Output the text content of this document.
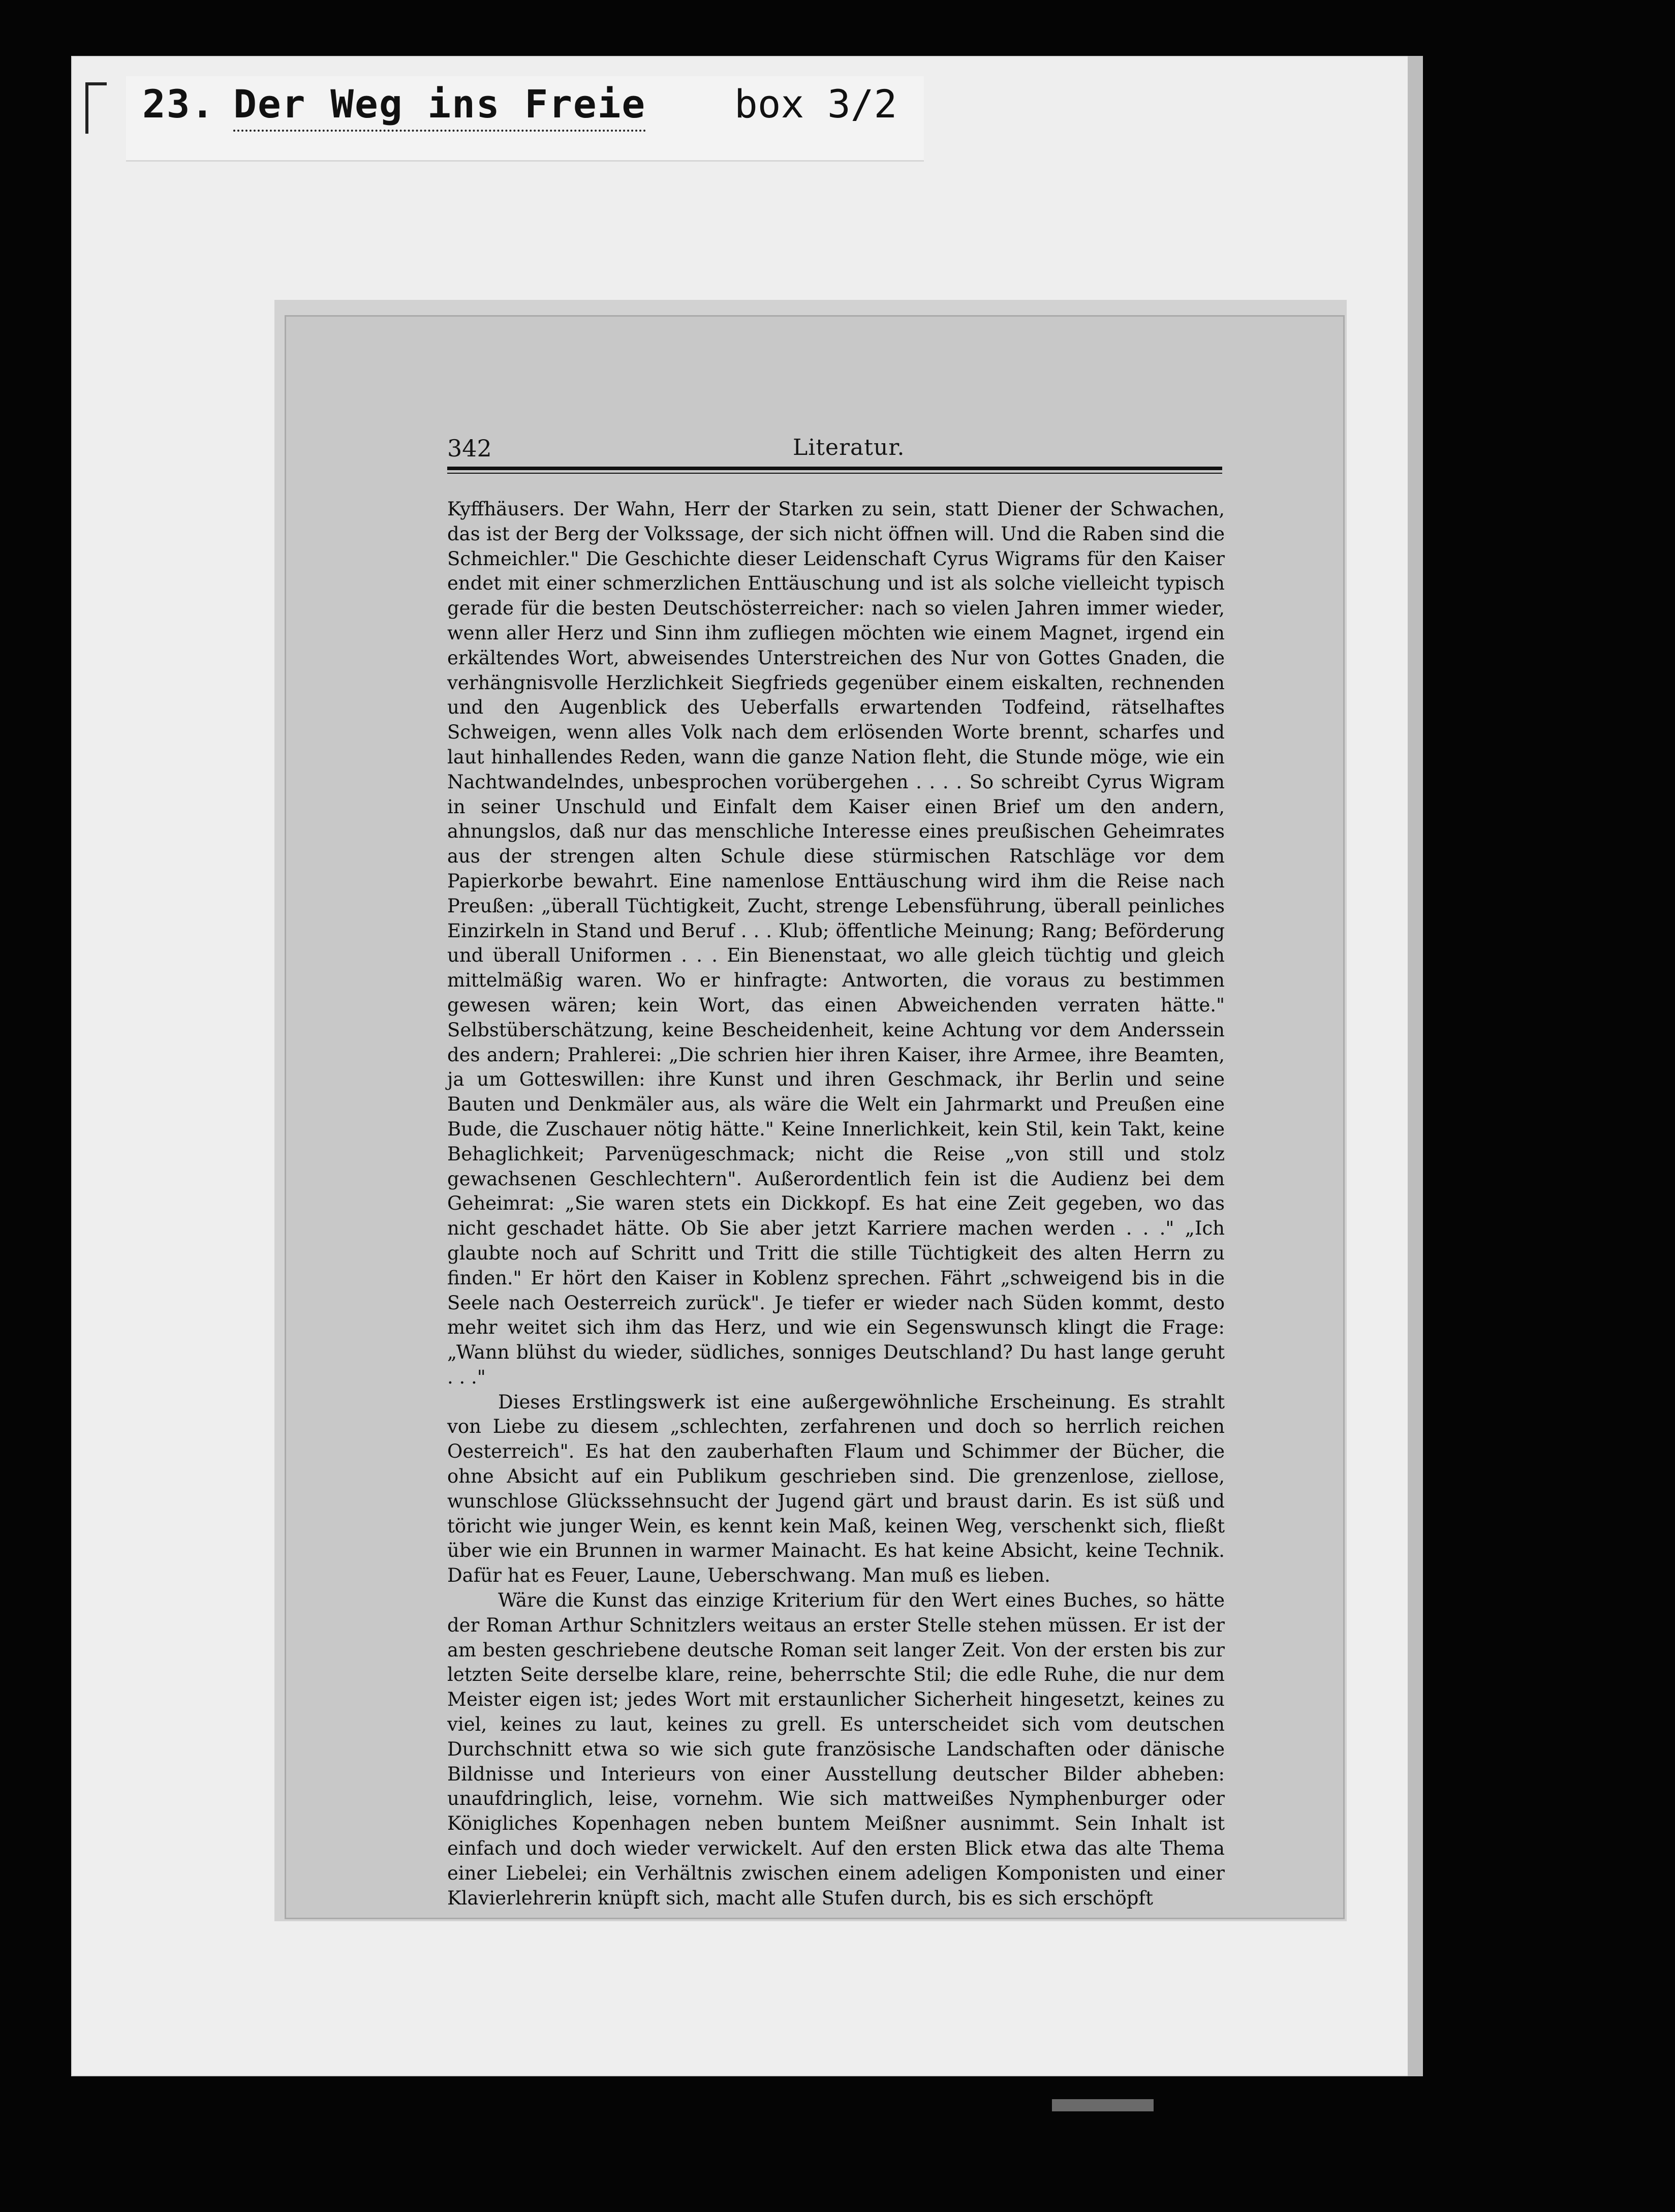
23. Der Weg ins Freie box 3/2
342	Literatur.

Kyffhäusers. Der Wahn, Herr der Starken zu sein, statt Diener der Schwachen, das ist der Berg der Volkssage, der sich nicht öffnen will. Und die Raben sind die Schmeichler." Die Geschichte dieser Leidenschaft Cyrus Wigrams für den Kaiser endet mit einer schmerzlichen Enttäuschung und ist als solche vielleicht typisch gerade für die besten Deutschösterreicher: nach so vielen Jahren immer wieder, wenn aller Herz und Sinn ihm zufliegen möchten wie einem Magnet, irgend ein erkältendes Wort, abweisendes Unterstreichen des Nur von Gottes Gnaden, die verhängnisvolle Herzlichkeit Siegfrieds gegenüber einem eiskalten, rechnenden und den Augenblick des Ueberfalls erwartenden Todfeind, rätselhaftes Schweigen, wenn alles Volk nach dem erlösenden Worte brennt, scharfes und laut hinhallendes Reden, wann die ganze Nation fleht, die Stunde möge, wie ein Nachtwandelndes, unbesprochen vorübergehen . . . . So schreibt Cyrus Wigram in seiner Unschuld und Einfalt dem Kaiser einen Brief um den andern, ahnungslos, daß nur das menschliche Interesse eines preußischen Geheimrates aus der strengen alten Schule diese stürmischen Ratschläge vor dem Papierkorbe bewahrt. Eine namenlose Enttäuschung wird ihm die Reise nach Preußen: „überall Tüchtigkeit, Zucht, strenge Lebensführung, überall peinliches Einzirkeln in Stand und Beruf . . . Klub; öffentliche Meinung; Rang; Beförderung und überall Uniformen . . . Ein Bienenstaat, wo alle gleich tüchtig und gleich mittelmäßig waren. Wo er hinfragte: Antworten, die voraus zu bestimmen gewesen wären; kein Wort, das einen Abweichenden verraten hätte." Selbstüberschätzung, keine Bescheidenheit, keine Achtung vor dem Anderssein des andern; Prahlerei: „Die schrien hier ihren Kaiser, ihre Armee, ihre Beamten, ja um Gotteswillen: ihre Kunst und ihren Geschmack, ihr Berlin und seine Bauten und Denkmäler aus, als wäre die Welt ein Jahrmarkt und Preußen eine Bude, die Zuschauer nötig hätte." Keine Innerlichkeit, kein Stil, kein Takt, keine Behaglichkeit; Parvenügeschmack; nicht die Reise „von still und stolz gewachsenen Geschlechtern". Außerordentlich fein ist die Audienz bei dem Geheimrat: „Sie waren stets ein Dickkopf. Es hat eine Zeit gegeben, wo das nicht geschadet hätte. Ob Sie aber jetzt Karriere machen werden . . ." „Ich glaubte noch auf Schritt und Tritt die stille Tüchtigkeit des alten Herrn zu finden." Er hört den Kaiser in Koblenz sprechen. Fährt „schweigend bis in die Seele nach Oesterreich zurück". Je tiefer er wieder nach Süden kommt, desto mehr weitet sich ihm das Herz, und wie ein Segenswunsch klingt die Frage: „Wann blühst du wieder, südliches, sonniges Deutschland? Du hast lange geruht . . ."

Dieses Erstlingswerk ist eine außergewöhnliche Erscheinung. Es strahlt von Liebe zu diesem „schlechten, zerfahrenen und doch so herrlich reichen Oesterreich". Es hat den zauberhaften Flaum und Schimmer der Bücher, die ohne Absicht auf ein Publikum geschrieben sind. Die grenzenlose, ziellose, wunschlose Glückssehnsucht der Jugend gärt und braust darin. Es ist süß und töricht wie junger Wein, es kennt kein Maß, keinen Weg, verschenkt sich, fließt über wie ein Brunnen in warmer Mainacht. Es hat keine Absicht, keine Technik. Dafür hat es Feuer, Laune, Ueberschwang. Man muß es lieben.

Wäre die Kunst das einzige Kriterium für den Wert eines Buches, so hätte der Roman Arthur Schnitzlers weitaus an erster Stelle stehen müssen. Er ist der am besten geschriebene deutsche Roman seit langer Zeit. Von der ersten bis zur letzten Seite derselbe klare, reine, beherrschte Stil; die edle Ruhe, die nur dem Meister eigen ist; jedes Wort mit erstaunlicher Sicherheit hingesetzt, keines zu viel, keines zu laut, keines zu grell. Es unterscheidet sich vom deutschen Durchschnitt etwa so wie sich gute französische Landschaften oder dänische Bildnisse und Interieurs von einer Ausstellung deutscher Bilder abheben: unaufdringlich, leise, vornehm. Wie sich mattweißes Nymphenburger oder Königliches Kopenhagen neben buntem Meißner ausnimmt. Sein Inhalt ist einfach und doch wieder verwickelt. Auf den ersten Blick etwa das alte Thema einer Liebelei; ein Verhältnis zwischen einem adeligen Komponisten und einer Klavierlehrerin knüpft sich, macht alle Stufen durch, bis es sich erschöpft
